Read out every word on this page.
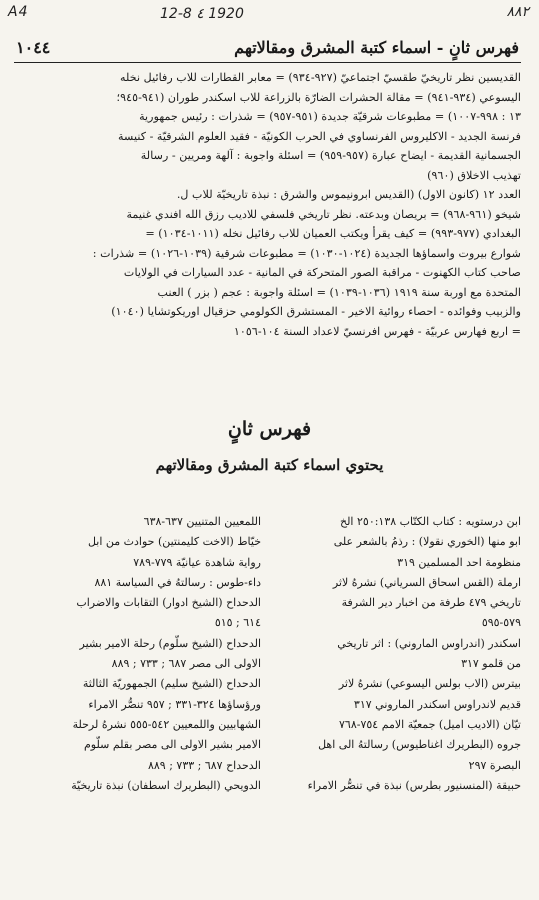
A4	12-8 ٤ 1920	۸۸۲
فهرس ثانٍ - اسماء كتبة المشرق ومقالاتهم
١٠٤٤

القديسين نظر تاريخيّ طقسيّ اجتماعيّ (٩٢٧-٩٣٤) = معابر القطارات للاب رفائيل نخله

اليسوعي (٩٣٤-٩٤١) = مقالة الحشرات الضارّة بالزراعة للاب اسكندر طوران (٩٤١-٩٤٥؛

١٣ : ٩٩٨-١٠٠٧) = مطبوعات شرقيّة جديدة (٩٥١-٩٥٧) = شذرات : رئيس جمهورية

فرنسة الجديد - الاكليروس الفرنساوي في الحرب الكونيّة - فقيد العلوم الشرقيّة - كنيسة

الجسمانية القديمة - ايضاح عبارة (٩٥٧-٩٥٩) = اسئلة واجوبة : آلهة ومريين - رسالة

تهذيب الاخلاق (٩٦٠)

العدد ١٢ (كانون الاول) (القديس ابرونيموس والشرق : نبذة تاريخيّة للاب ل.

شيخو (٩٦١-٩٦٨) = بريصان وبدعته. نظر تاريخي فلسفي للاديب رزق الله افندي غنيمة

البغدادي (٩٧٧-٩٩٣) = كيف يقرأ ويكتب العميان للاب رفائيل نخله (١٠١١-١٠٣٤) =

شوارع بيروت واسماؤها الجديدة (١٠٢٤-١٠٣٠) = مطبوعات شرقية (١٠٣٩-١٠٢٦) = شذرات :

صاحب كتاب الكهنوت - مراقبة الصور المتحركة في المانية - عدد السيارات في الولايات

المتحدة مع اوربة سنة ١٩١٩ (١٠٣٦-١٠٣٩) = اسئلة واجوبة : عجم ( بزر ) العنب

والزبيب وفوائده - احصاء روائية الاخير - المستشرق الكولومي حزقيال اوريكوتشايا (١٠٤٠)

= اربع فهارس عربيّة - فهرس افرنسيّ لاعداد السنة ١٠٤-١٠٥٦

فهرس ثانٍ
يحتوي اسماء كتبة المشرق ومقالاتهم

ابن درستويه : كتاب الكتّاب ٢٥٠:١٣٨ الخ

ابو منها (الخوري نقولا) : رذمُ بالشعر على

منظومة احد المسلمين ٣١٩

ارملة (القس اسحاق السرياني) نشرهُ لاثر

تاريخي ٤٧٩ طرفة من اخبار دير الشرفة

٥٧٩-٥٩٥

اسكندر (اندراوس الماروني) : اثر تاريخي

من قلمو ٣١٧

بيترس (الاب بولس اليسوعي) نشرهُ لاثر

قديم لاندراوس اسكندر الماروني ٣١٧

تيّان (الاديب اميل) جمعيّة الامم ٧٥٤-٧٦٨

جروه (البطريرك اغناطيوس) رسالتهُ الى اهل

البصرة ٢٩٧

حبيقة (المنسنيور بطرس) نبذة في تنصُّر الامراء

اللمعيين المتنيين ٦٣٧-٦٣٨

خيّاط (الاخت كليمنتين) حوادث من ابل

رواية شاهدة عيانيّة ٧٧٩-٧٨٩

داء-طوس : رسالتهُ في السياسة ٨٨١

الدحداح (الشيخ ادوار) التقابات والاضراب

٦١٤ ; ٥١٥

الدحداح (الشيخ سلّوم) رحلة الامير بشير

الاولى الى مصر ٦٨٧ ; ٧٣٣ ; ٨٨٩

الدحداح (الشيخ سليم) الجمهوريّة الثالثة

ورؤساؤها ٣٢٤-٣٣١ ; ٩٥٧ تنصُّر الامراء

الشهابيين واللمعيين ٥٤٢-٥٥٥ نشرهُ لرحلة

الامير بشير الاولى الى مصر بقلم سلّوم

الدحداح ٦٨٧ ; ٧٣٣ ; ٨٨٩

الدويحي (البطريرك اسطفان) نبذة تاريخيّة
